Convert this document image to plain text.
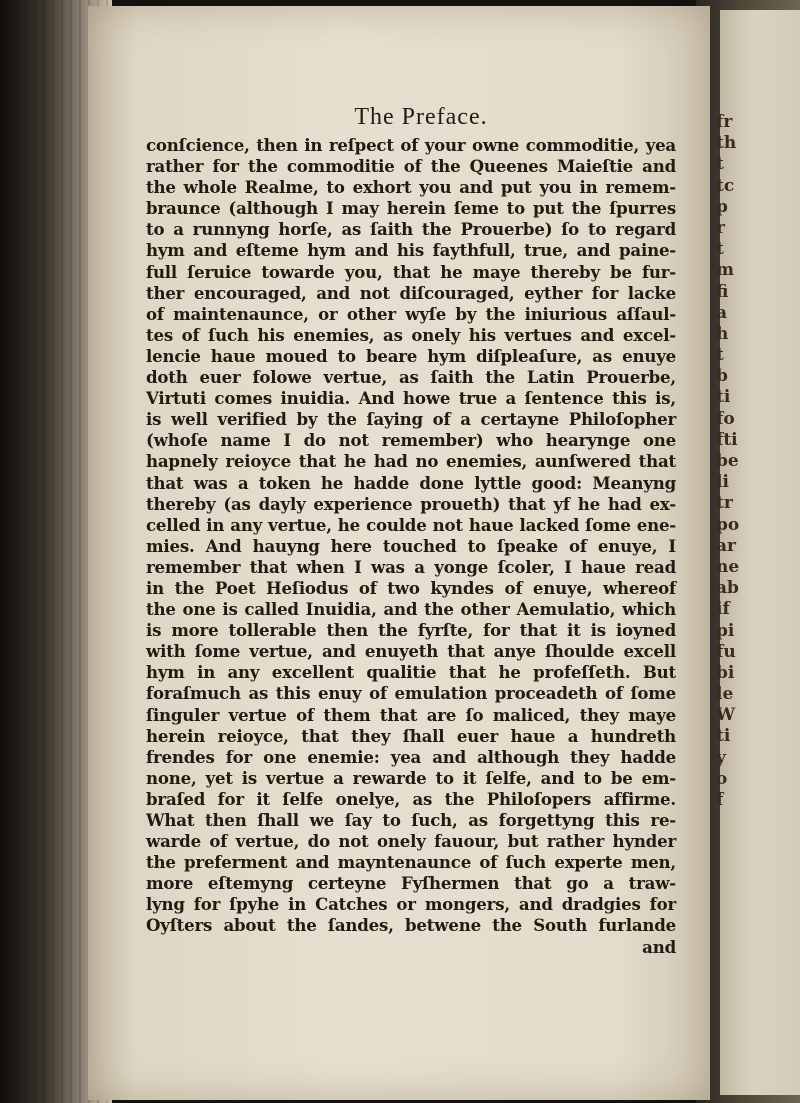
The Preface.
conſcience, then in reſpect of your owne commoditie, yea
rather for the commoditie of the Queenes Maieſtie and
the whole Realme, to exhort you and put you in remem-
braunce (although I may herein ſeme to put the ſpurres
to a runnyng horſe, as ſaith the Prouerbe) ſo to regard
hym and eſteme hym and his faythfull, true, and paine-
full ſeruice towarde you, that he maye thereby be fur-
ther encouraged, and not diſcouraged, eyther for lacke
of maintenaunce, or other wyſe by the iniurious aſſaul-
tes of ſuch his enemies, as onely his vertues and excel-
lencie haue moued to beare hym diſpleaſure, as enuye
doth euer folowe vertue, as ſaith the Latin Prouerbe,
Virtuti comes inuidia. And howe true a ſentence this is,
is well verified by the ſaying of a certayne Philoſopher
(whoſe name I do not remember) who hearynge one
hapnely reioyce that he had no enemies, aunſwered that
that was a token he hadde done lyttle good: Meanyng
thereby (as dayly experience proueth) that yf he had ex-
celled in any vertue, he coulde not haue lacked ſome ene-
mies. And hauyng here touched to ſpeake of enuye, I
remember that when I was a yonge ſcoler, I haue read
in the Poet Heſiodus of two kyndes of enuye, whereof
the one is called Inuidia, and the other Aemulatio, which
is more tollerable then the fyrſte, for that it is ioyned
with ſome vertue, and enuyeth that anye ſhoulde excell
hym in any excellent qualitie that he profeſſeth. But
forаſmuch as this enuy of emulation proceadeth of ſome
ſinguler vertue of them that are ſo maliced, they maye
herein reioyce, that they ſhall euer haue a hundreth
frendes for one enemie: yea and although they hadde
none, yet is vertue a rewarde to it ſelfe, and to be em-
braſed for it ſelfe onelye, as the Philoſopers affirme.
What then ſhall we ſay to ſuch, as forgettyng this re-
warde of vertue, do not onely fauour, but rather hynder
the preferment and mayntenaunce of ſuch experte men,
more eſtemyng certeyne Fyſhermen that go a traw-
lyng for ſpyhe in Catches or mongers, and dradgies for
Oyſters about the ſandes, betwene the South furlande
and
fr
th
t
tc
p
r
t
m
fi
a
h
t
b
ti
fo
fti
be
li
tr
po
ar
ne
ab
if
pi
fu
bi
le
W
ti
y
o
f
